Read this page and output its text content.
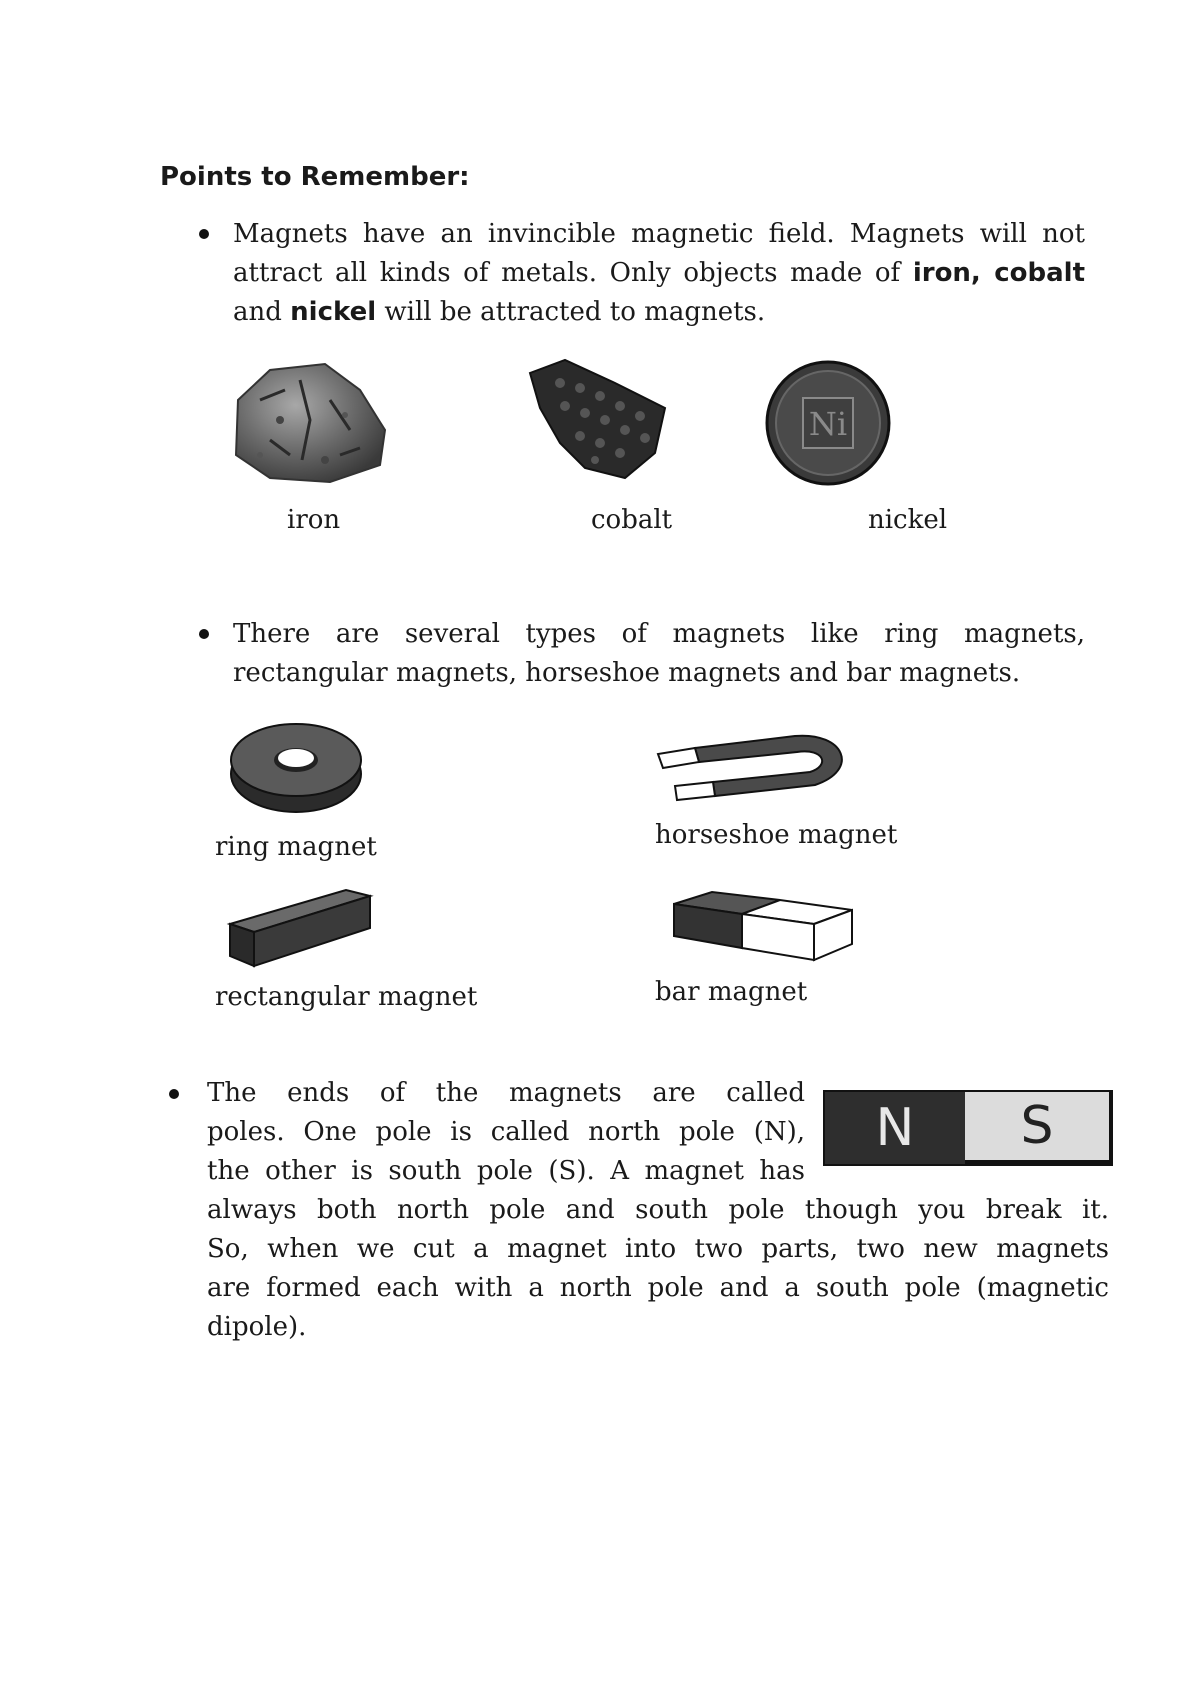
Points to Remember:
Magnets have an invincible magnetic field. Magnets will not
attract all kinds of metals. Only objects made of iron, cobalt
and nickel will be attracted to magnets.
iron	cobalt
Ni
nickel
There are several types of magnets like ring magnets,
rectangular magnets, horseshoe magnets and bar magnets.
ring magnet	horseshoe magnet
rectangular magnet	bar magnet
The ends of the magnets are called
poles. One pole is called north pole (N),
the other is south pole (S). A magnet has
N	S
always both north pole and south pole though you break it.
So, when we cut a magnet into two parts, two new magnets
are formed each with a north pole and a south pole (magnetic
dipole).
